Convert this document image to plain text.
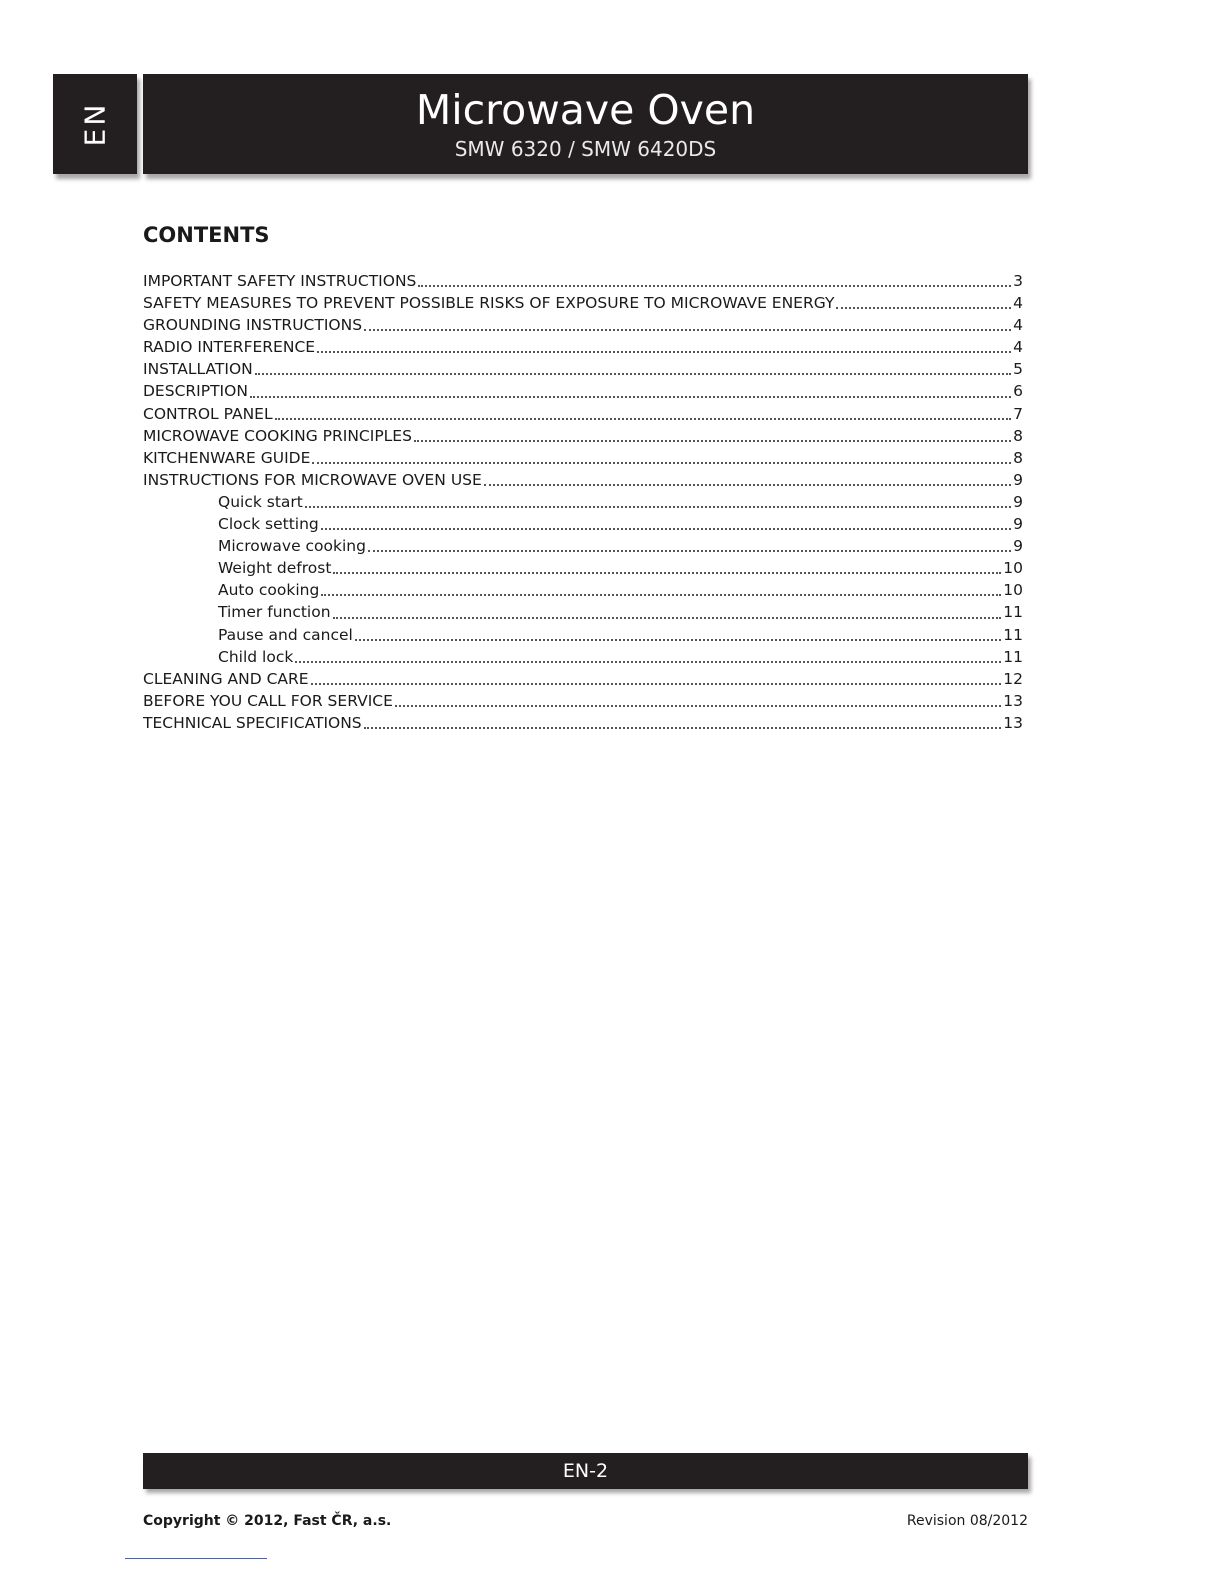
EN	Microwave Oven
SMW 6320 / SMW 6420DS
CONTENTS
IMPORTANT SAFETY INSTRUCTIONS	3
SAFETY MEASURES TO PREVENT POSSIBLE RISKS OF EXPOSURE TO MICROWAVE ENERGY	4
GROUNDING INSTRUCTIONS	4
RADIO INTERFERENCE	4
INSTALLATION	5
DESCRIPTION	6
CONTROL PANEL	7
MICROWAVE COOKING PRINCIPLES	8
KITCHENWARE GUIDE	8
INSTRUCTIONS FOR MICROWAVE OVEN USE	9
Quick start	9
Clock setting	9
Microwave cooking	9
Weight defrost	10
Auto cooking	10
Timer function	11
Pause and cancel	11
Child lock	11
CLEANING AND CARE	12
BEFORE YOU CALL FOR SERVICE	13
TECHNICAL SPECIFICATIONS	13
EN-2
Copyright © 2012, Fast ČR, a.s.	Revision 08/2012
